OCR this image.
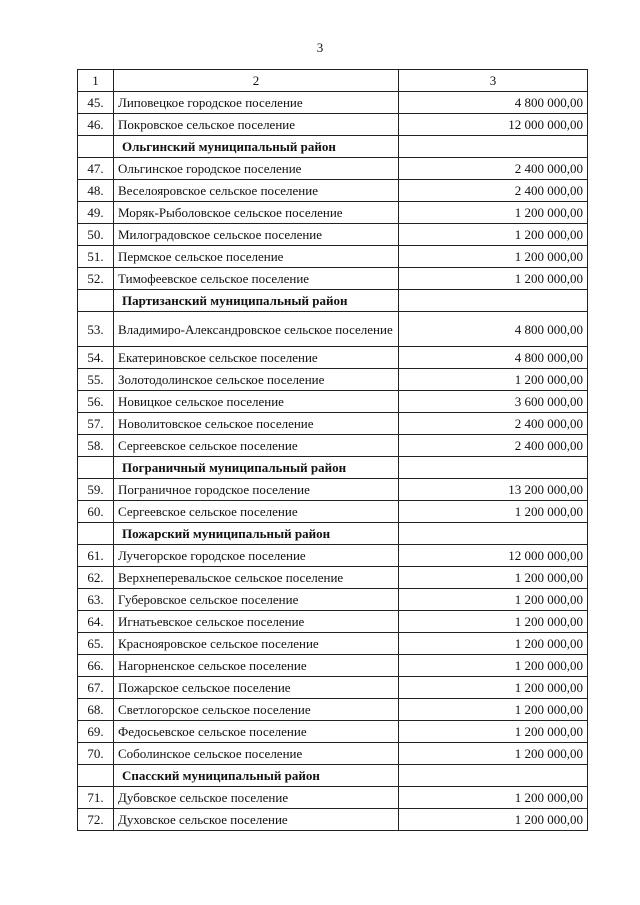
3
1	2	3
45.	Липовецкое городское поселение	4 800 000,00
46.	Покровское сельское поселение	12 000 000,00
	Ольгинский муниципальный район	
47.	Ольгинское городское поселение	2 400 000,00
48.	Веселояровское сельское поселение	2 400 000,00
49.	Моряк-Рыболовское сельское поселение	1 200 000,00
50.	Милоградовское сельское поселение	1 200 000,00
51.	Пермское сельское поселение	1 200 000,00
52.	Тимофеевское сельское поселение	1 200 000,00
	Партизанский муниципальный район	
53.	Владимиро-Александровское сельское поселение	4 800 000,00
54.	Екатериновское сельское поселение	4 800 000,00
55.	Золотодолинское сельское поселение	1 200 000,00
56.	Новицкое сельское поселение	3 600 000,00
57.	Новолитовское сельское поселение	2 400 000,00
58.	Сергеевское сельское поселение	2 400 000,00
	Пограничный муниципальный район	
59.	Пограничное городское поселение	13 200 000,00
60.	Сергеевское сельское поселение	1 200 000,00
	Пожарский муниципальный район	
61.	Лучегорское городское поселение	12 000 000,00
62.	Верхнеперевальское сельское поселение	1 200 000,00
63.	Губеровское сельское поселение	1 200 000,00
64.	Игнатьевское сельское поселение	1 200 000,00
65.	Краснояровское сельское поселение	1 200 000,00
66.	Нагорненское сельское поселение	1 200 000,00
67.	Пожарское сельское поселение	1 200 000,00
68.	Светлогорское сельское поселение	1 200 000,00
69.	Федосьевское сельское поселение	1 200 000,00
70.	Соболинское сельское поселение	1 200 000,00
	Спасский муниципальный район	
71.	Дубовское сельское поселение	1 200 000,00
72.	Духовское сельское поселение	1 200 000,00
